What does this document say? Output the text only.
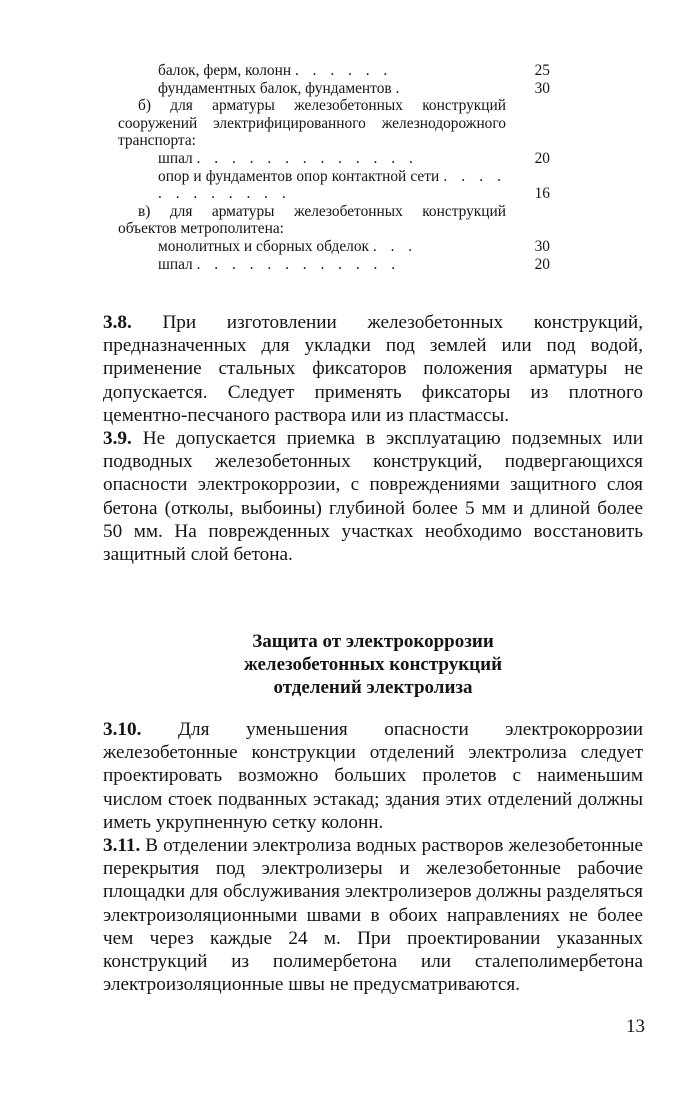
балок, ферм, колонн . . . . . .	25
фундаментных балок, фундаментов .	30
б) для арматуры железобетонных конструкций сооружений электрифицированного железнодорожного транспорта:
шпал . . . . . . . . . . . . .	20
опор и фундаментов опор контактной сети . . . . . . . . . . . .	16
в) для арматуры железобетонных конструкций объектов метрополитена:
монолитных и сборных обделок . . .	30
шпал . . . . . . . . . . . .	20

3.8. При изготовлении железобетонных конструкций, предназначенных для укладки под землей или под водой, применение стальных фиксаторов положения арматуры не допускается. Следует применять фиксаторы из плотного цементно-песчаного раствора или из пластмассы.

3.9. Не допускается приемка в эксплуатацию подземных или подводных железобетонных конструкций, подвергающихся опасности электрокоррозии, с повреждениями защитного слоя бетона (отколы, выбоины) глубиной более 5 мм и длиной более 50 мм. На поврежденных участках необходимо восстановить защитный слой бетона.

Защита от электрокоррозии
железобетонных конструкций
отделений электролиза

3.10. Для уменьшения опасности электрокоррозии железобетонные конструкции отделений электролиза следует проектировать возможно больших пролетов с наименьшим числом стоек подванных эстакад; здания этих отделений должны иметь укрупненную сетку колонн.

3.11. В отделении электролиза водных растворов железобетонные перекрытия под электролизеры и железобетонные рабочие площадки для обслуживания электролизеров должны разделяться электроизоляционными швами в обоих направлениях не более чем через каждые 24 м. При проектировании указанных конструкций из полимербетона или сталеполимербетона электроизоляционные швы не предусматриваются.

13
